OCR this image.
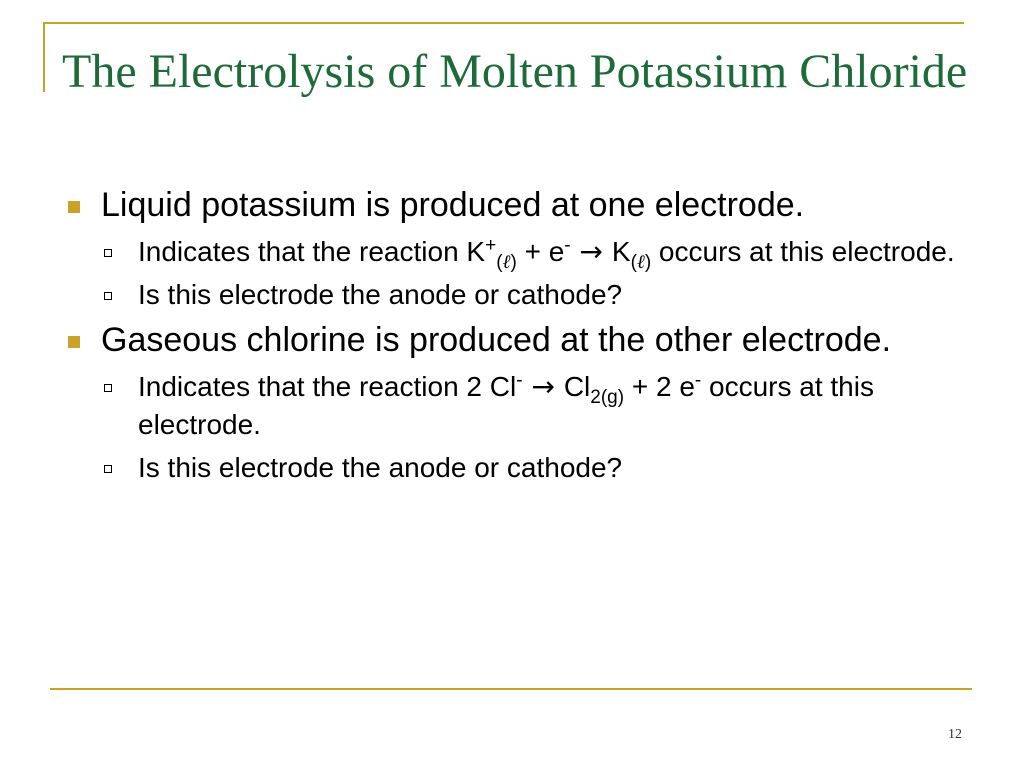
The Electrolysis of Molten Potassium Chloride
Liquid potassium is produced at one electrode.
Indicates that the reaction $K^+_{(\ell)} + e^- \to K_{(\ell)}$ occurs at this electrode.
Is this electrode the anode or cathode?
Gaseous chlorine is produced at the other electrode.
Indicates that the reaction 2 $Cl^- \to Cl_{2(g)} + 2$ e- occurs at this electrode.
Is this electrode the anode or cathode?
12
